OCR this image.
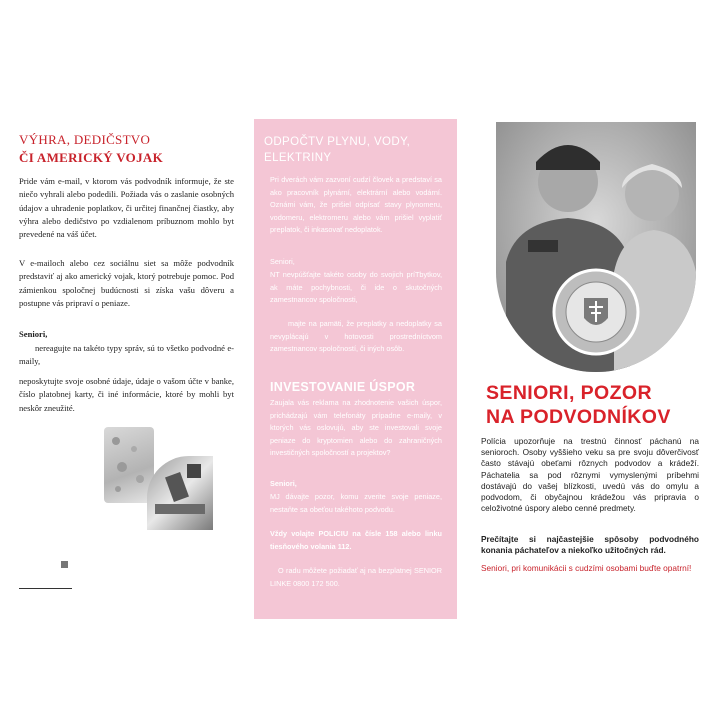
VÝHRA, DEDIČSTVO
ČI AMERICKÝ VOJAK
Pride vám e-mail, v ktorom vás podvodník informuje, že ste niečo vyhrali alebo podedili. Požiada vás o zaslanie osobných údajov a uhradenie poplatkov, či určitej finančnej čiastky, aby výhra alebo dedičstvo po vzdialenom príbuznom mohlo byt prevedené na váš účet.
V e-mailoch alebo cez sociálnu siet sa môže podvodník predstaviť aj ako americký vojak, ktorý potrebuje pomoc. Pod zámienkou spoločnej budúcnosti si získa vašu dôveru a postupne vás pripraví o peniaze.
Seniori,
nereagujte na takéto typy správ, sú to všetko podvodné e-maily,
neposkytujte svoje osobné údaje, údaje o vašom účte v banke, číslo platobnej karty, či iné informácie, ktoré by mohli byt neskôr zneužité.
ODPOČTV PLYNU, VODY,
ELEKTRINY
Pri dverách vám zazvoní cudzí človek a predstaví sa ako pracovník plynární, elektrární alebo vodární. Oznámi vám, že prišiel odpísať stavy plynomeru, vodomeru, elektromeru alebo vám prišiel vyplatiť preplatok, či inkasovať nedoplatok.
Seniori,
NT nevpúšťajte takéto osoby do svojich príTbytkov, ak máte pochybnosti, či ide o skutočných zamestnancov spoločnosti,
majte na pamäti, že preplatky a nedoplatky sa nevyplácajú v hotovosti prostredníctvom zamestnancov spoločností, či iných osôb.
INVESTOVANIE ÚSPOR
Zaujala vás reklama na zhodnotenie vašich úspor, prichádzajú vám telefonáty prípadne e-maily, v ktorých vás oslovujú, aby ste investovali svoje peniaze do kryptomien alebo do zahraničných investičných spoločností a projektov?
Seniori,
MJ dávajte pozor, komu zverite svoje peniaze, nestaňte sa obeťou takéhoto podvodu.
Vždy volajte POLICIU na čísle 158 alebo linku tiesňového volania 112.
O radu môžete požiadať aj na bezplatnej SENIOR LINKE 0800 172 500.
SENIORI, POZOR
NA PODVODNÍKOV
Polícia upozorňuje na trestnú činnosť páchanú na senioroch. Osoby vyššieho veku sa pre svoju dôverčivosť často stávajú obeťami rôznych podvodov a krádeží. Páchatelia sa pod rôznymi vymyslenými príbehmi dostávajú do vašej blízkosti, uvedú vás do omylu a podvodom, či obyčajnou krádežou vás pripravia o celoživotné úspory alebo cenné predmety.
Prečítajte si najčastejšie spôsoby podvodného konania páchateľov a niekoľko užitočných rád.
Seniori, pri komunikácii s cudzími osobami buďte opatrní!
